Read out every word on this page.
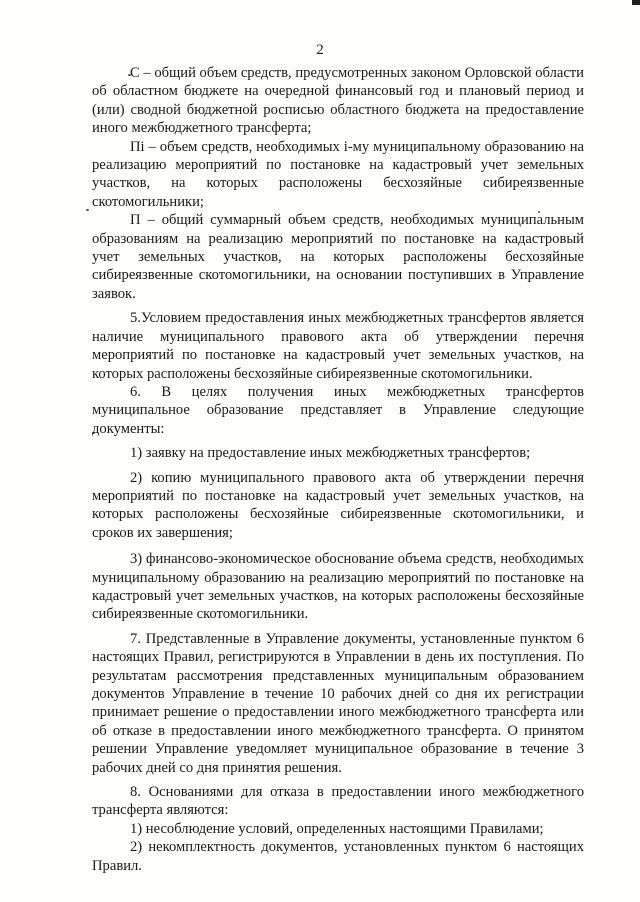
2

С – общий объем средств, предусмотренных законом Орловской области об областном бюджете на очередной финансовый год и плановый период и (или) сводной бюджетной росписью областного бюджета на предоставление иного межбюджетного трансферта;

Пi – объем средств, необходимых i-му муниципальному образованию на реализацию мероприятий по постановке на кадастровый учет земельных участков, на которых расположены бесхозяйные сибиреязвенные скотомогильники;

П – общий суммарный объем средств, необходимых муниципальным образованиям на реализацию мероприятий по постановке на кадастровый учет земельных участков, на которых расположены бесхозяйные сибиреязвенные скотомогильники, на основании поступивших в Управление заявок.

5.Условием предоставления иных межбюджетных трансфертов является наличие муниципального правового акта об утверждении перечня мероприятий по постановке на кадастровый учет земельных участков, на которых расположены бесхозяйные сибиреязвенные скотомогильники.

6. В целях получения иных межбюджетных трансфертов муниципальное образование представляет в Управление следующие документы:

1) заявку на предоставление иных межбюджетных трансфертов;

2) копию муниципального правового акта об утверждении перечня мероприятий по постановке на кадастровый учет земельных участков, на которых расположены бесхозяйные сибиреязвенные скотомогильники, и сроков их завершения;

3) финансово-экономическое обоснование объема средств, необходимых муниципальному образованию на реализацию мероприятий по постановке на кадастровый учет земельных участков, на которых расположены бесхозяйные сибиреязвенные скотомогильники.

7. Представленные в Управление документы, установленные пунктом 6 настоящих Правил, регистрируются в Управлении в день их поступления. По результатам рассмотрения представленных муниципальным образованием документов Управление в течение 10 рабочих дней со дня их регистрации принимает решение о предоставлении иного межбюджетного трансферта или об отказе в предоставлении иного межбюджетного трансферта. О принятом решении Управление уведомляет муниципальное образование в течение 3 рабочих дней со дня принятия решения.

8. Основаниями для отказа в предоставлении иного межбюджетного трансферта являются:

1) несоблюдение условий, определенных настоящими Правилами;

2) некомплектность документов, установленных пунктом 6 настоящих Правил.
